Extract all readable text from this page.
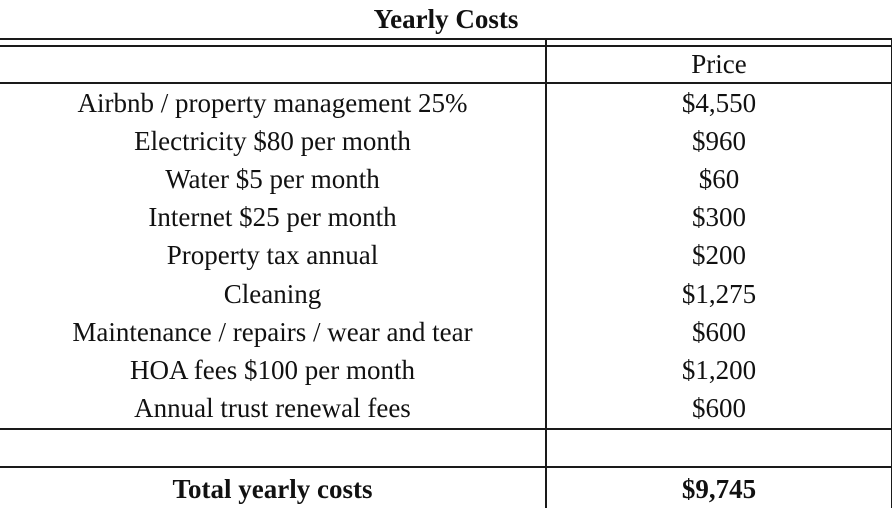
Yearly Costs	

	Price
Airbnb / property management 25%	$4,550
Electricity $80 per month	$960
Water $5 per month	$60
Internet $25 per month	$300
Property tax annual	$200
Cleaning	$1,275
Maintenance / repairs / wear and tear	$600
HOA fees $100 per month	$1,200
Annual trust renewal fees	$600

Total yearly costs	$9,745
